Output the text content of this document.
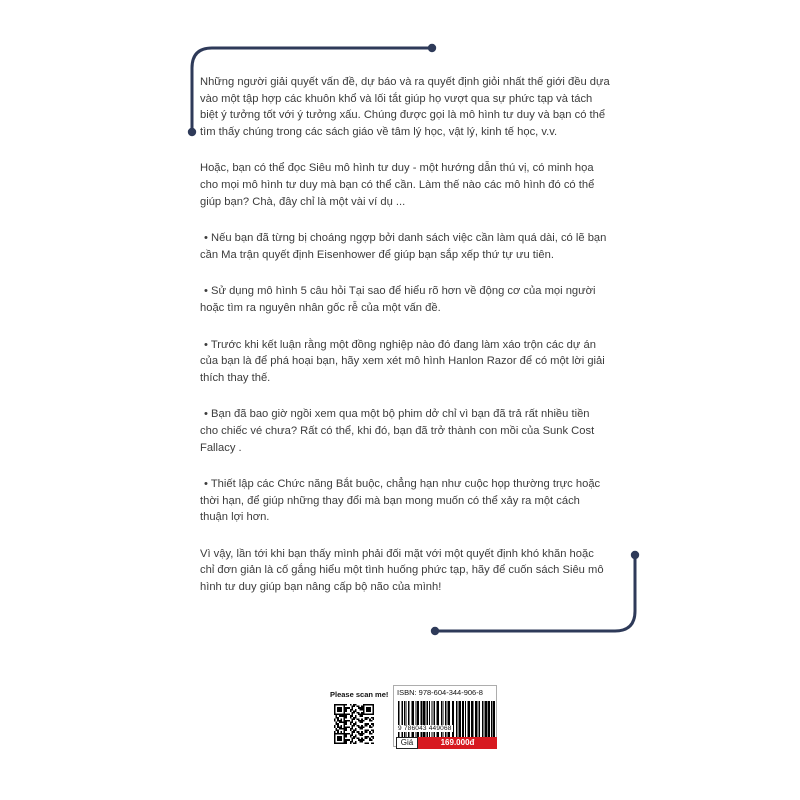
Những người giải quyết vấn đề, dự báo và ra quyết định giỏi nhất thế giới đều dựa vào một tập hợp các khuôn khổ và lối tắt giúp họ vượt qua sự phức tạp và tách biệt ý tưởng tốt với ý tưởng xấu. Chúng được gọi là mô hình tư duy và bạn có thể tìm thấy chúng trong các sách giáo về tâm lý học, vật lý, kinh tế học, v.v.

Hoặc, bạn có thể đọc Siêu mô hình tư duy - một hướng dẫn thú vị, có minh họa cho mọi mô hình tư duy mà bạn có thể cần. Làm thế nào các mô hình đó có thể giúp bạn? Chà, đây chỉ là một vài ví dụ ...

• Nếu bạn đã từng bị choáng ngợp bởi danh sách việc cần làm quá dài, có lẽ bạn cần Ma trận quyết định Eisenhower để giúp bạn sắp xếp thứ tự ưu tiên.

• Sử dụng mô hình 5 câu hỏi Tại sao để hiểu rõ hơn về động cơ của mọi người hoặc tìm ra nguyên nhân gốc rễ của một vấn đề.

• Trước khi kết luận rằng một đồng nghiệp nào đó đang làm xáo trộn các dự án của bạn là để phá hoại bạn, hãy xem xét mô hình Hanlon Razor để có một lời giải thích thay thế.

• Bạn đã bao giờ ngồi xem qua một bộ phim dở chỉ vì bạn đã trả rất nhiều tiền cho chiếc vé chưa? Rất có thể, khi đó, bạn đã trở thành con mồi của Sunk Cost Fallacy .

• Thiết lập các Chức năng Bắt buộc, chẳng hạn như cuộc họp thường trực hoặc thời hạn, để giúp những thay đổi mà bạn mong muốn có thể xảy ra một cách thuận lợi hơn.

Vì vậy, lần tới khi bạn thấy mình phải đối mặt với một quyết định khó khăn hoặc chỉ đơn giản là cố gắng hiểu một tình huống phức tạp, hãy để cuốn sách Siêu mô hình tư duy giúp bạn nâng cấp bộ não của mình!

Please scan me! ISBN: 978-604-344-906-8
9 786043 449068
Giá	169.000đ
